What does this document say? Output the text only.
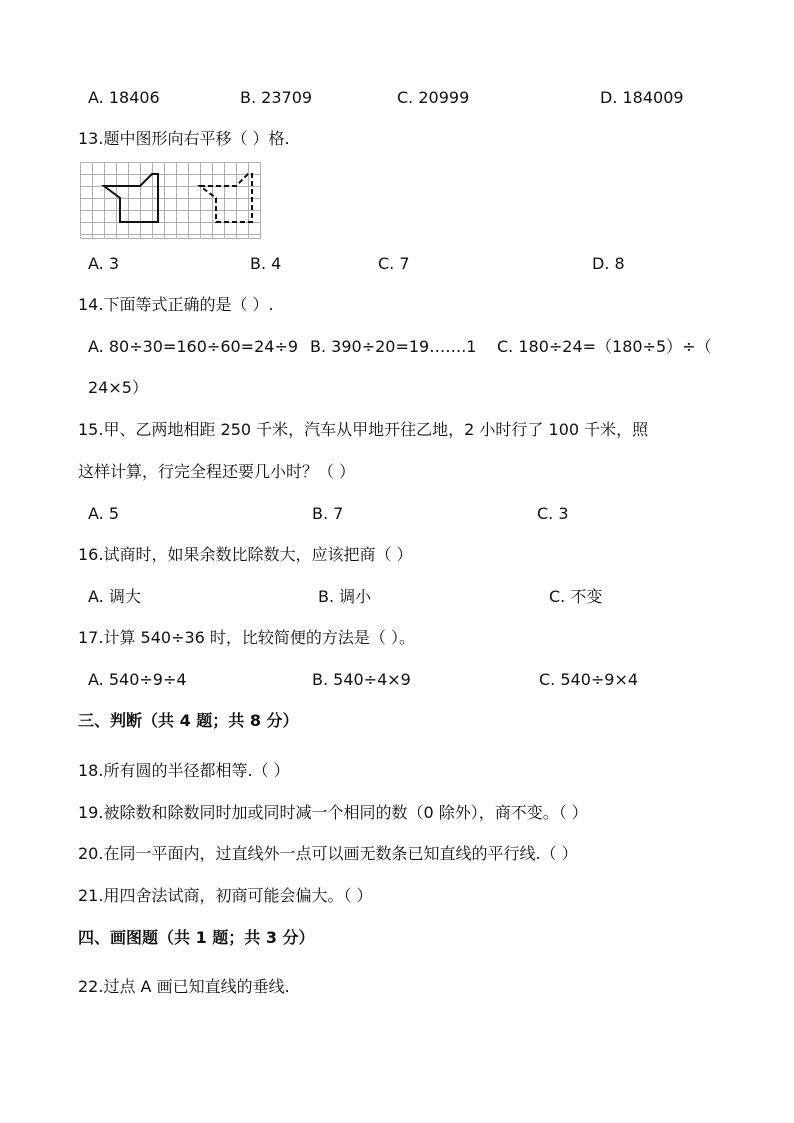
A. 18406	B. 23709	C. 20999	D. 184009
13.题中图形向右平移（ ）格.
A. 3	B. 4	C. 7	D. 8
14.下面等式正确的是（ ）.
A. 80÷30=160÷60=24÷9 B. 390÷20=19…….1 C. 180÷24=（180÷5）÷（
24×5）
15.甲、乙两地相距 250 千米，汽车从甲地开往乙地，2 小时行了 100 千米，照
这样计算，行完全程还要几小时？（ ）
A. 5	B. 7	C. 3
16.试商时，如果余数比除数大，应该把商（ ）
A. 调大	B. 调小	C. 不变
17.计算 540÷36 时，比较简便的方法是（ ）。
A. 540÷9÷4	B. 540÷4×9	C. 540÷9×4
三、判断（共 4 题；共 8 分）
18.所有圆的半径都相等.（ ）
19.被除数和除数同时加或同时减一个相同的数（0 除外），商不变。（ ）
20.在同一平面内，过直线外一点可以画无数条已知直线的平行线.（ ）
21.用四舍法试商，初商可能会偏大。（ ）
四、画图题（共 1 题；共 3 分）
22.过点 A 画已知直线的垂线.
